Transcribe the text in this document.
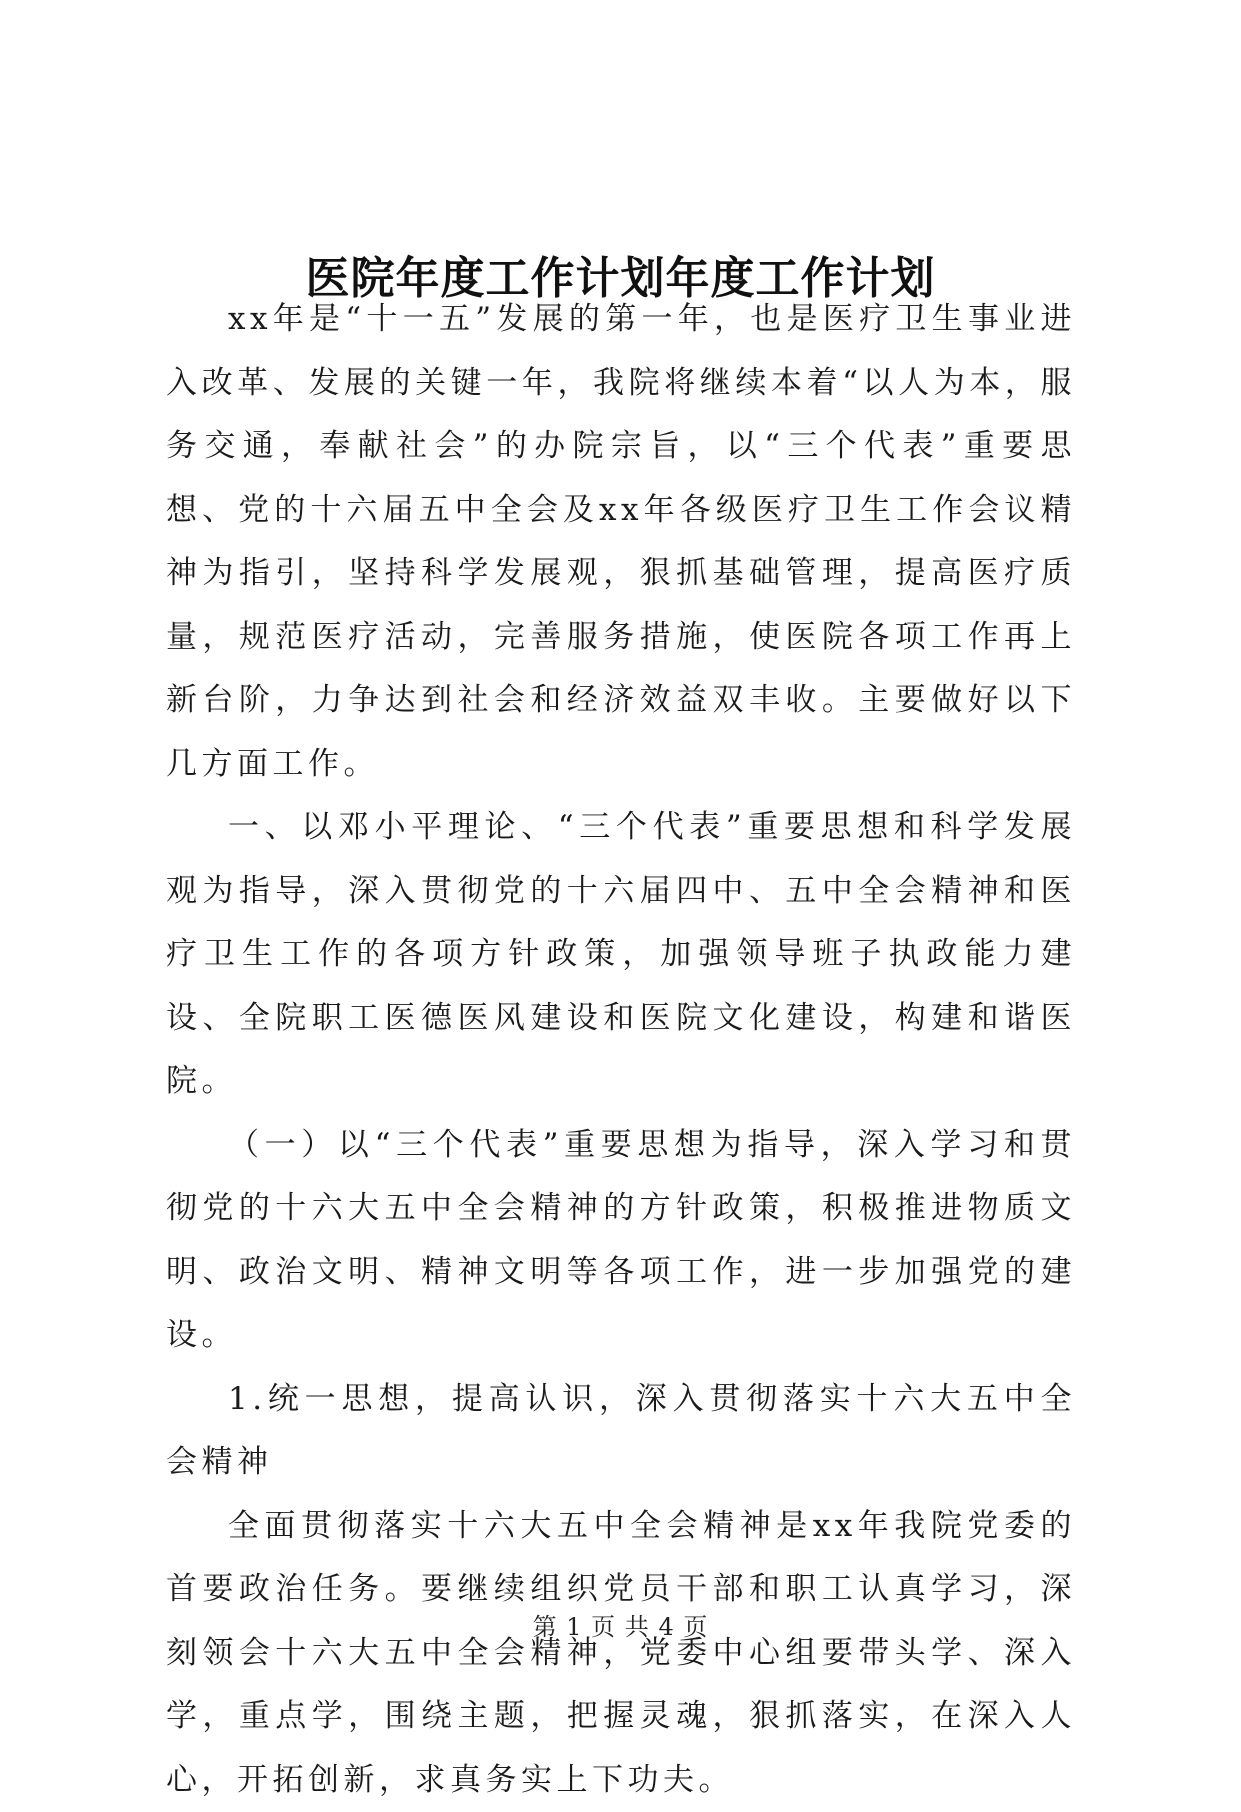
医院年度工作计划年度工作计划

xx年是“十一五”发展的第一年，也是医疗卫生事业进入改革、发展的关键一年，我院将继续本着“以人为本，服务交通，奉献社会”的办院宗旨，以“三个代表”重要思想、党的十六届五中全会及xx年各级医疗卫生工作会议精神为指引，坚持科学发展观，狠抓基础管理，提高医疗质量，规范医疗活动，完善服务措施，使医院各项工作再上新台阶，力争达到社会和经济效益双丰收。主要做好以下几方面工作。

一、以邓小平理论、“三个代表”重要思想和科学发展观为指导，深入贯彻党的十六届四中、五中全会精神和医疗卫生工作的各项方针政策，加强领导班子执政能力建设、全院职工医德医风建设和医院文化建设，构建和谐医院。

（一）以“三个代表”重要思想为指导，深入学习和贯彻党的十六大五中全会精神的方针政策，积极推进物质文明、政治文明、精神文明等各项工作，进一步加强党的建设。

1.统一思想，提高认识，深入贯彻落实十六大五中全会精神

全面贯彻落实十六大五中全会精神是xx年我院党委的首要政治任务。要继续组织党员干部和职工认真学习，深刻领会十六大五中全会精神，党委中心组要带头学、深入学，重点学，围绕主题，把握灵魂，狠抓落实，在深入人心，开拓创新，求真务实上下功夫。

第 1 页 共 4 页
